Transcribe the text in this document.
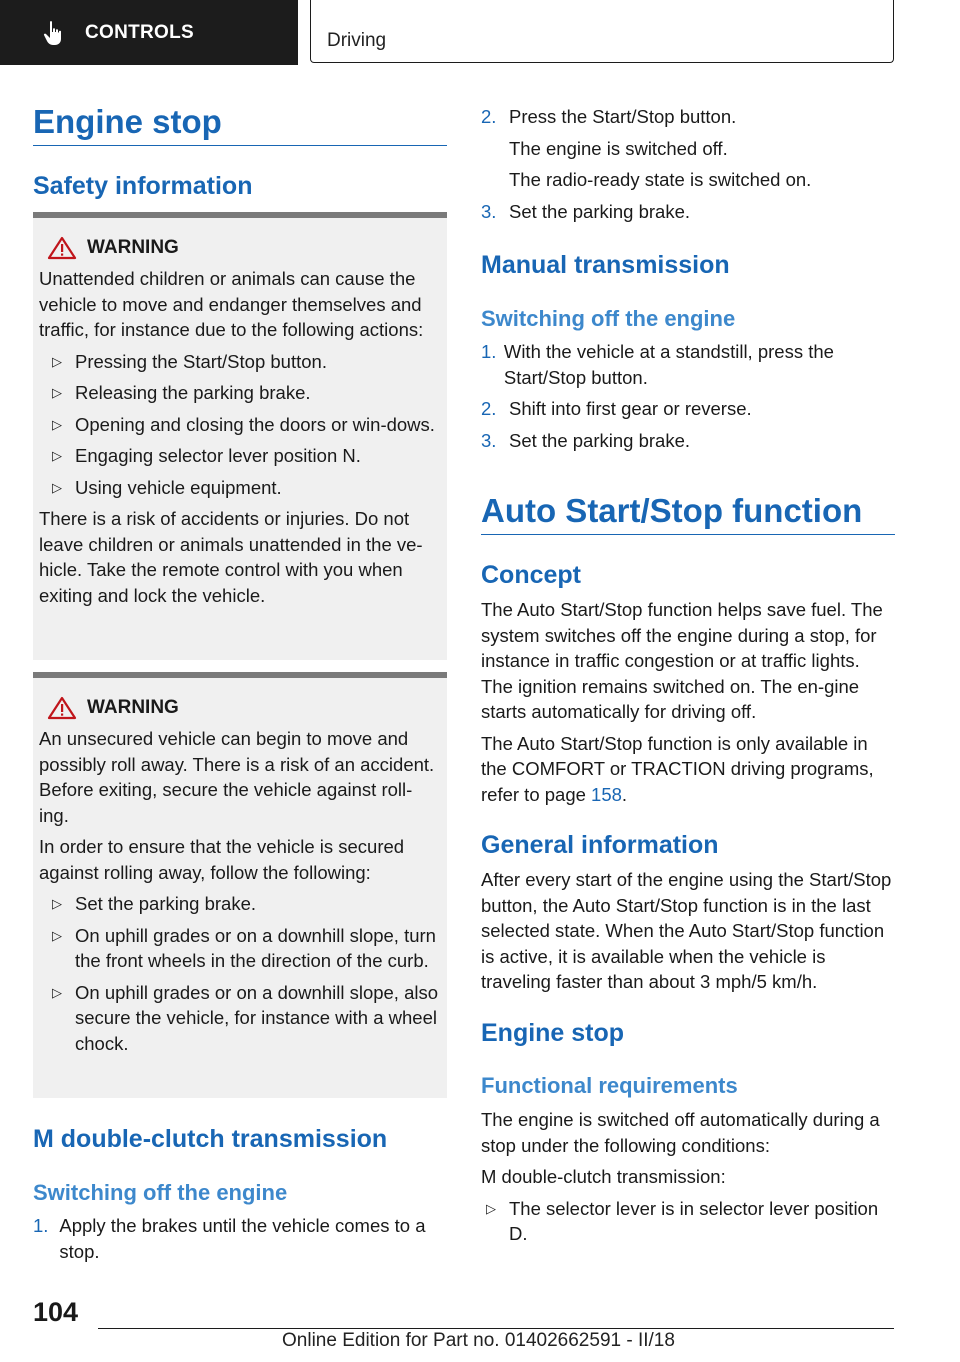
CONTROLS	Driving
Engine stop
Safety information
WARNING

Unattended children or animals can cause the vehicle to move and endanger themselves and traffic, for instance due to the following actions:

▷ Pressing the Start/Stop button.
▷ Releasing the parking brake.
▷ Opening and closing the doors or win‐dows.
▷ Engaging selector lever position N.
▷ Using vehicle equipment.

There is a risk of accidents or injuries. Do not leave children or animals unattended in the ve‐hicle. Take the remote control with you when exiting and lock the vehicle.

WARNING

An unsecured vehicle can begin to move and possibly roll away. There is a risk of an accident. Before exiting, secure the vehicle against roll‐ing.

In order to ensure that the vehicle is secured against rolling away, follow the following:

▷ Set the parking brake.
▷ On uphill grades or on a downhill slope, turn the front wheels in the direction of the curb.
▷ On uphill grades or on a downhill slope, also secure the vehicle, for instance with a wheel chock.
M double-clutch transmission
Switching off the engine
1. Apply the brakes until the vehicle comes to a stop.
2. Press the Start/Stop button.
The engine is switched off.
The radio-ready state is switched on.
3. Set the parking brake.
Manual transmission
Switching off the engine
1. With the vehicle at a standstill, press the Start/Stop button.
2. Shift into first gear or reverse.
3. Set the parking brake.
Auto Start/Stop function
Concept

The Auto Start/Stop function helps save fuel. The system switches off the engine during a stop, for instance in traffic congestion or at traffic lights. The ignition remains switched on. The en‐gine starts automatically for driving off.

The Auto Start/Stop function is only available in the COMFORT or TRACTION driving programs, refer to page 158.

General information

After every start of the engine using the Start/Stop button, the Auto Start/Stop function is in the last selected state. When the Auto Start/Stop function is active, it is available when the vehicle is traveling faster than about 3 mph/5 km/h.

Engine stop
Functional requirements

The engine is switched off automatically during a stop under the following conditions:

M double-clutch transmission:

▷ The selector lever is in selector lever position D.
104
Online Edition for Part no. 01402662591 - II/18
